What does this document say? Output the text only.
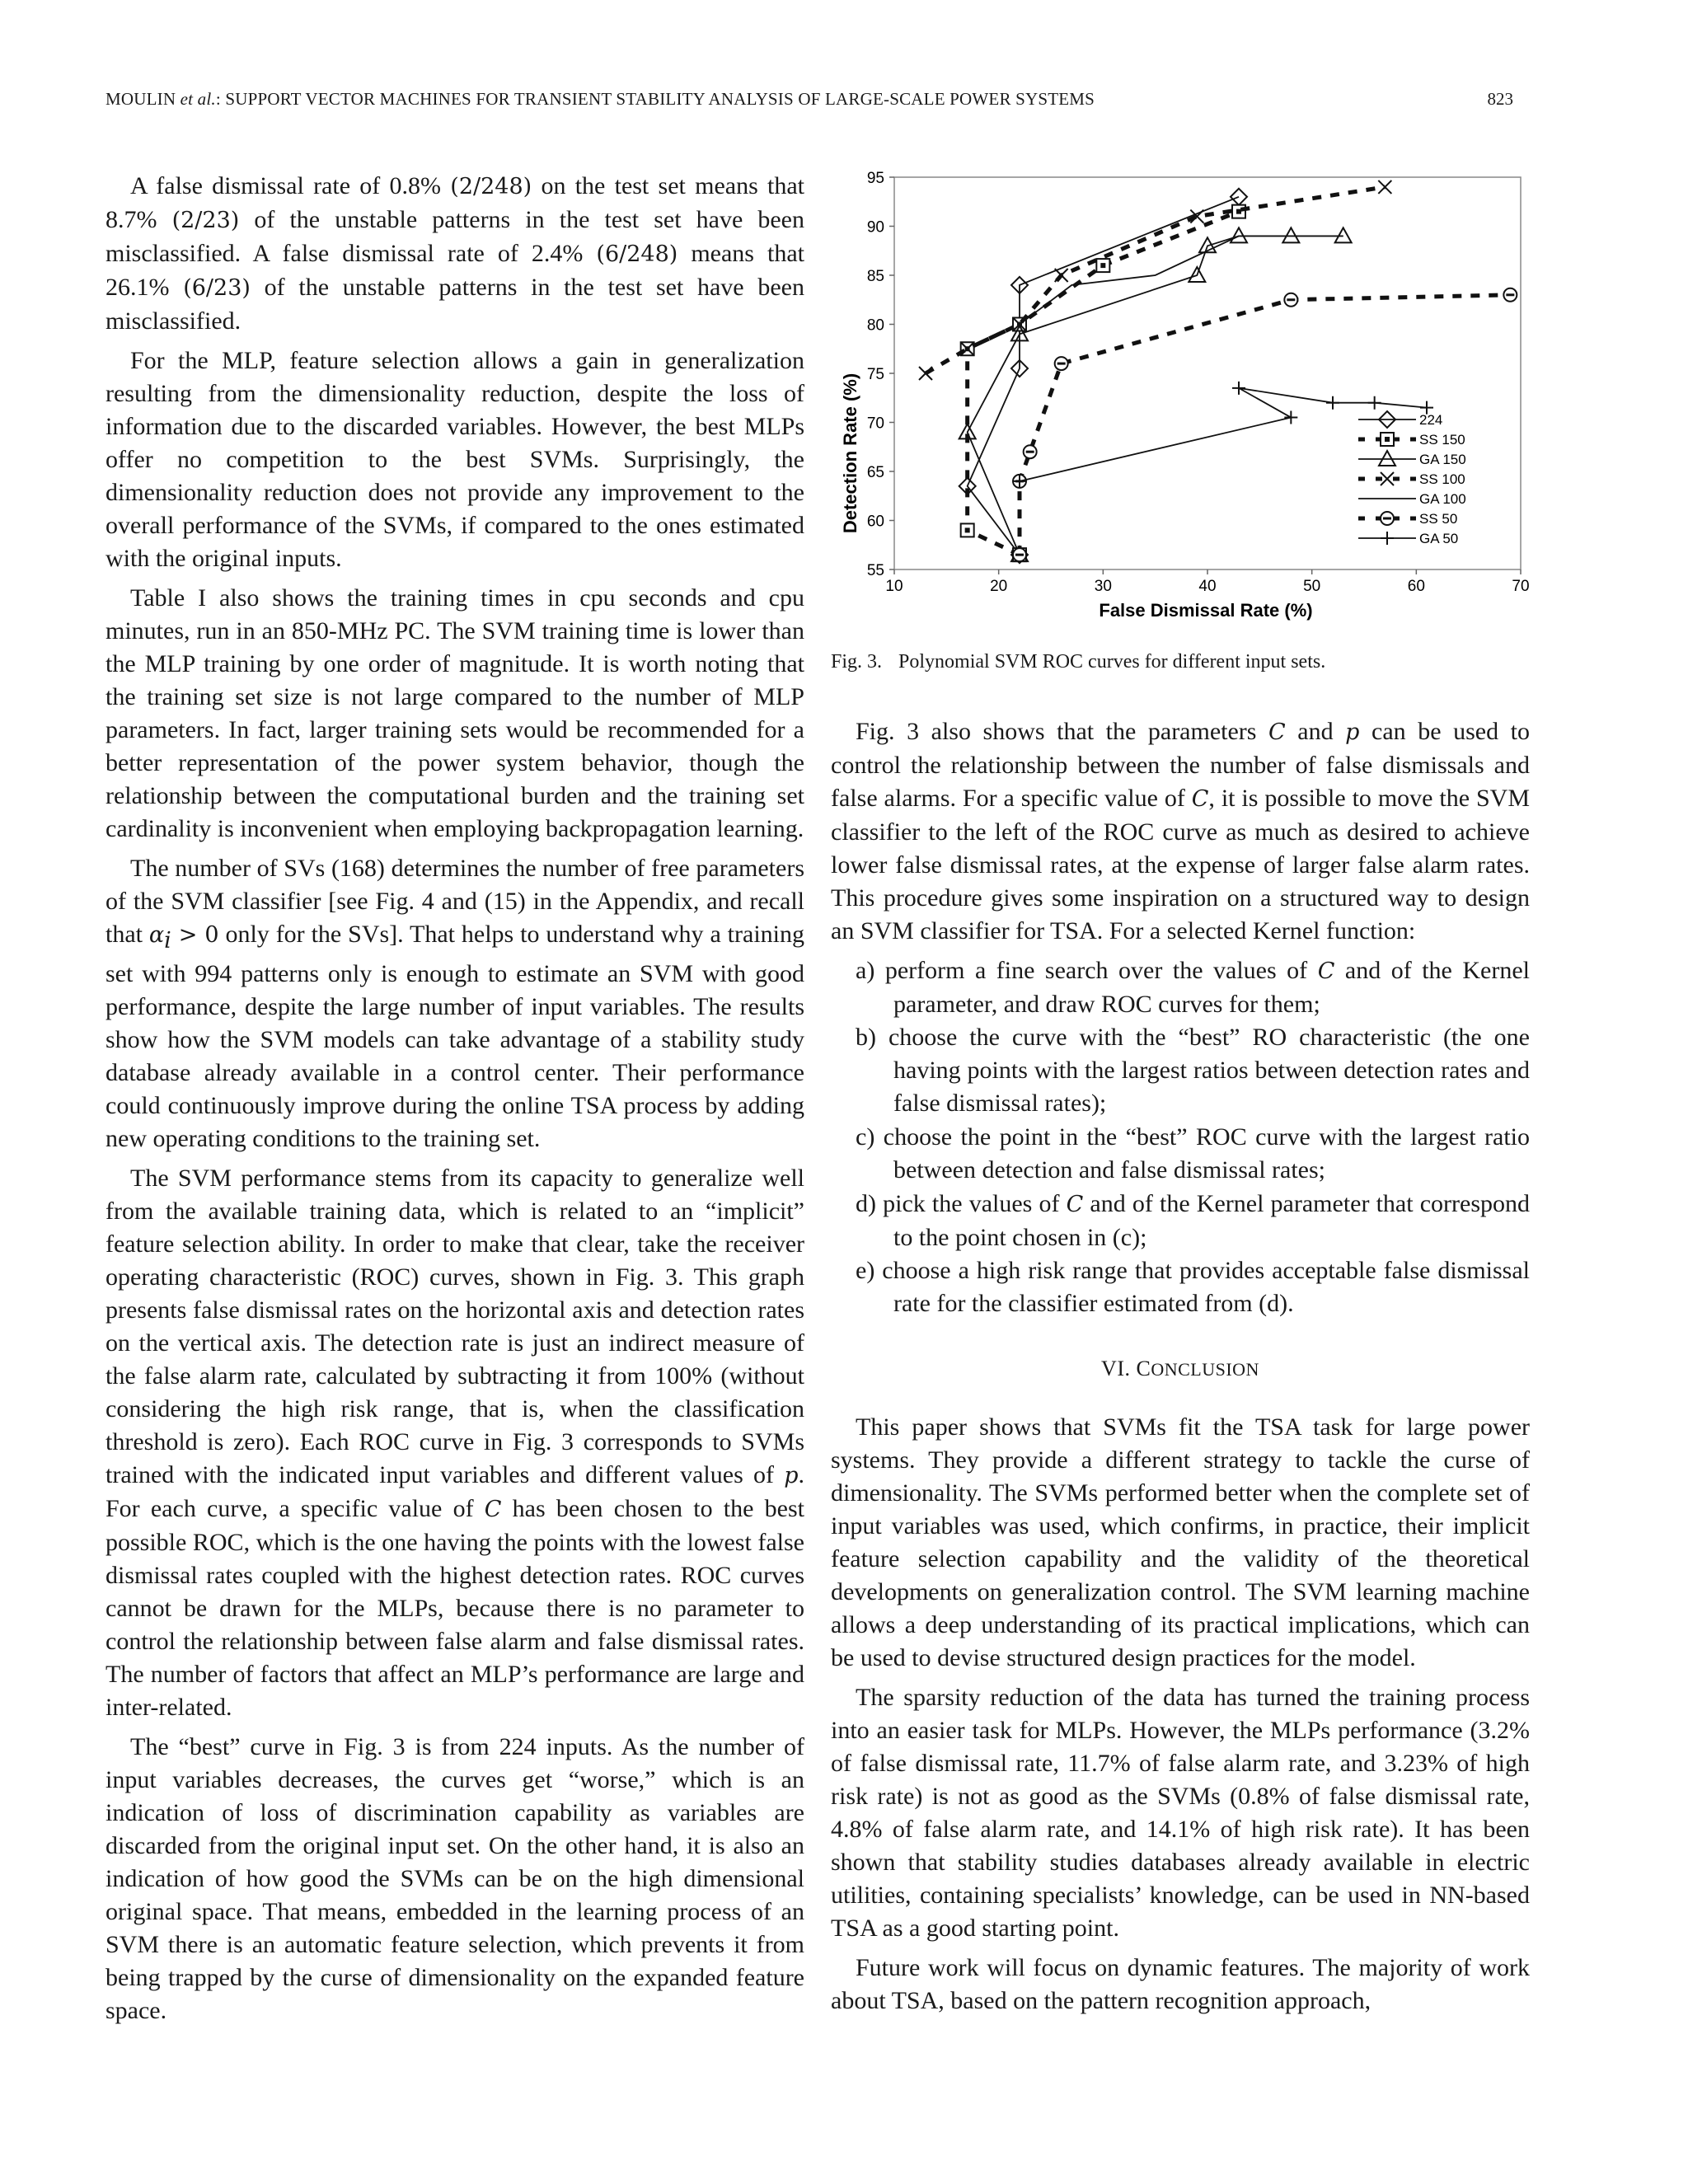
MOULIN et al.: SUPPORT VECTOR MACHINES FOR TRANSIENT STABILITY ANALYSIS OF LARGE-SCALE POWER SYSTEMS	823

A false dismissal rate of 0.8% (2/248) on the test set means that 8.7% (2/23) of the unstable patterns in the test set have been misclassified. A false dismissal rate of 2.4% (6/248) means that 26.1% (6/23) of the unstable patterns in the test set have been misclassified.

For the MLP, feature selection allows a gain in generalization resulting from the dimensionality reduction, despite the loss of information due to the discarded variables. However, the best MLPs offer no competition to the best SVMs. Surprisingly, the dimensionality reduction does not provide any improvement to the overall performance of the SVMs, if compared to the ones estimated with the original inputs.

Table I also shows the training times in cpu seconds and cpu minutes, run in an 850-MHz PC. The SVM training time is lower than the MLP training by one order of magnitude. It is worth noting that the training set size is not large compared to the number of MLP parameters. In fact, larger training sets would be recommended for a better representation of the power system behavior, though the relationship between the computational burden and the training set cardinality is inconvenient when employing backpropagation learning.

The number of SVs (168) determines the number of free parameters of the SVM classifier [see Fig. 4 and (15) in the Appendix, and recall that $\alpha_i > 0$ only for the SVs]. That helps to understand why a training set with 994 patterns only is enough to estimate an SVM with good performance, despite the large number of input variables. The results show how the SVM models can take advantage of a stability study database already available in a control center. Their performance could continuously improve during the online TSA process by adding new operating conditions to the training set.

The SVM performance stems from its capacity to generalize well from the available training data, which is related to an “implicit” feature selection ability. In order to make that clear, take the receiver operating characteristic (ROC) curves, shown in Fig. 3. This graph presents false dismissal rates on the horizontal axis and detection rates on the vertical axis. The detection rate is just an indirect measure of the false alarm rate, calculated by subtracting it from 100% (without considering the high risk range, that is, when the classification threshold is zero). Each ROC curve in Fig. 3 corresponds to SVMs trained with the indicated input variables and different values of p. For each curve, a specific value of C has been chosen to the best possible ROC, which is the one having the points with the lowest false dismissal rates coupled with the highest detection rates. ROC curves cannot be drawn for the MLPs, because there is no parameter to control the relationship between false alarm and false dismissal rates. The number of factors that affect an MLP’s performance are large and inter-related.

The “best” curve in Fig. 3 is from 224 inputs. As the number of input variables decreases, the curves get “worse,” which is an indication of loss of discrimination capability as variables are discarded from the original input set. On the other hand, it is also an indication of how good the SVMs can be on the high dimensional original space. That means, embedded in the learning process of an SVM there is an automatic feature selection, which prevents it from being trapped by the curse of dimensionality on the expanded feature space.

55
60
65
70
75
80
85
90
95
10	20	30	40	50	60	70
224
SS 150
GA 150
SS 100
GA 100
SS 50
GA 50
False Dismissal Rate (%)
Detection Rate (%)
Fig. 3. Polynomial SVM ROC curves for different input sets.

Fig. 3 also shows that the parameters C and p can be used to control the relationship between the number of false dismissals and false alarms. For a specific value of C, it is possible to move the SVM classifier to the left of the ROC curve as much as desired to achieve lower false dismissal rates, at the expense of larger false alarm rates. This procedure gives some inspiration on a structured way to design an SVM classifier for TSA. For a selected Kernel function:

a) perform a fine search over the values of C and of the Kernel parameter, and draw ROC curves for them;
b) choose the curve with the “best” RO characteristic (the one having points with the largest ratios between detection rates and false dismissal rates);
c) choose the point in the “best” ROC curve with the largest ratio between detection and false dismissal rates;
d) pick the values of C and of the Kernel parameter that correspond to the point chosen in (c);
e) choose a high risk range that provides acceptable false dismissal rate for the classifier estimated from (d).
VI. CONCLUSION

This paper shows that SVMs fit the TSA task for large power systems. They provide a different strategy to tackle the curse of dimensionality. The SVMs performed better when the complete set of input variables was used, which confirms, in practice, their implicit feature selection capability and the validity of the theoretical developments on generalization control. The SVM learning machine allows a deep understanding of its practical implications, which can be used to devise structured design practices for the model.

The sparsity reduction of the data has turned the training process into an easier task for MLPs. However, the MLPs performance (3.2% of false dismissal rate, 11.7% of false alarm rate, and 3.23% of high risk rate) is not as good as the SVMs (0.8% of false dismissal rate, 4.8% of false alarm rate, and 14.1% of high risk rate). It has been shown that stability studies databases already available in electric utilities, containing specialists’ knowledge, can be used in NN-based TSA as a good starting point.

Future work will focus on dynamic features. The majority of work about TSA, based on the pattern recognition approach,
